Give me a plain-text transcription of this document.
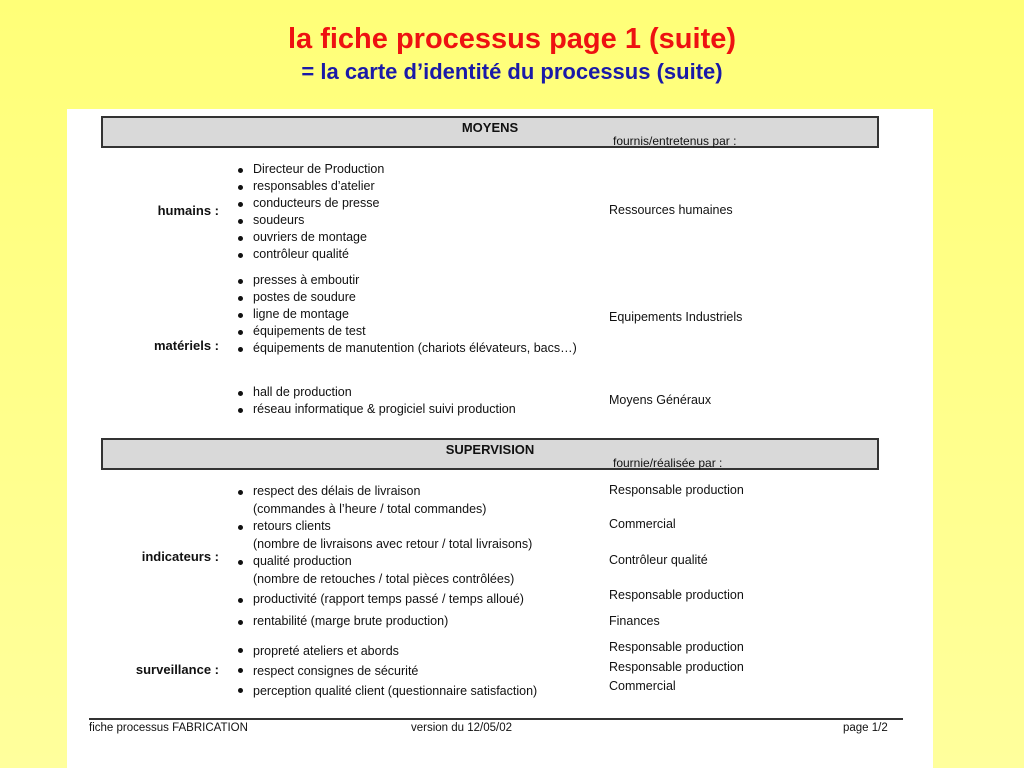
la fiche processus page 1 (suite)
= la carte d’identité du processus (suite)
MOYENS
fournis/entretenus par :
humains :
Directeur de Production
responsables d’atelier
conducteurs de presse
soudeurs
ouvriers de montage
contrôleur qualité
Ressources humaines
matériels :
presses à emboutir
postes de soudure
ligne de montage
équipements de test
équipements de manutention (chariots élévateurs, bacs…)
Equipements Industriels
hall de production
réseau informatique & progiciel suivi production
Moyens Généraux
SUPERVISION
fournie/réalisée par :
indicateurs :
respect des délais de livraison
(commandes à l’heure / total commandes)
retours clients
(nombre de livraisons avec retour / total livraisons)
qualité production
(nombre de retouches / total pièces contrôlées)
productivité (rapport temps passé / temps alloué)
rentabilité (marge brute production)
Responsable production
Commercial
Contrôleur qualité
Responsable production
Finances
surveillance :
propreté ateliers et abords
respect consignes de sécurité
perception qualité client (questionnaire satisfaction)
Responsable production
Responsable production
Commercial
fiche processus FABRICATION	version du 12/05/02	page 1/2
